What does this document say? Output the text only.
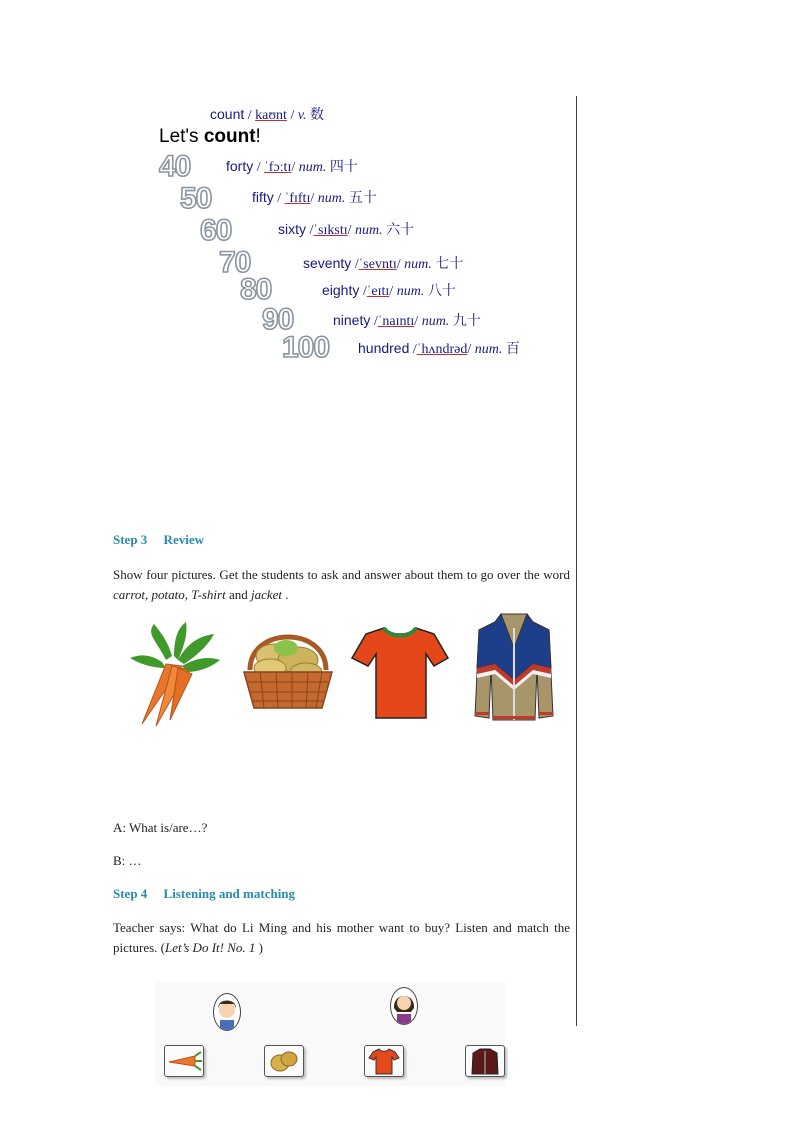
count / kaʊnt / v. 数
Let's count!
40	forty / ˈfɔːtɪ/ num. 四十
50	fifty / ˈfɪftɪ/ num. 五十
60	sixty /ˈsɪkstɪ/ num. 六十
70	seventy /ˈsevntɪ/ num. 七十
80	eighty /ˈeɪtɪ/ num. 八十
90	ninety /ˈnaɪntɪ/ num. 九十
100 hundred /ˈhʌndrəd/ num. 百
Step 3     Review
Show four pictures. Get the students to ask and answer about them to go over the word carrot, potato, T-shirt and jacket .
A: What is/are…?
B: …
Step 4     Listening and matching
Teacher says: What do Li Ming and his mother want to buy? Listen and match the pictures. (Let’s Do It! No. 1 )
